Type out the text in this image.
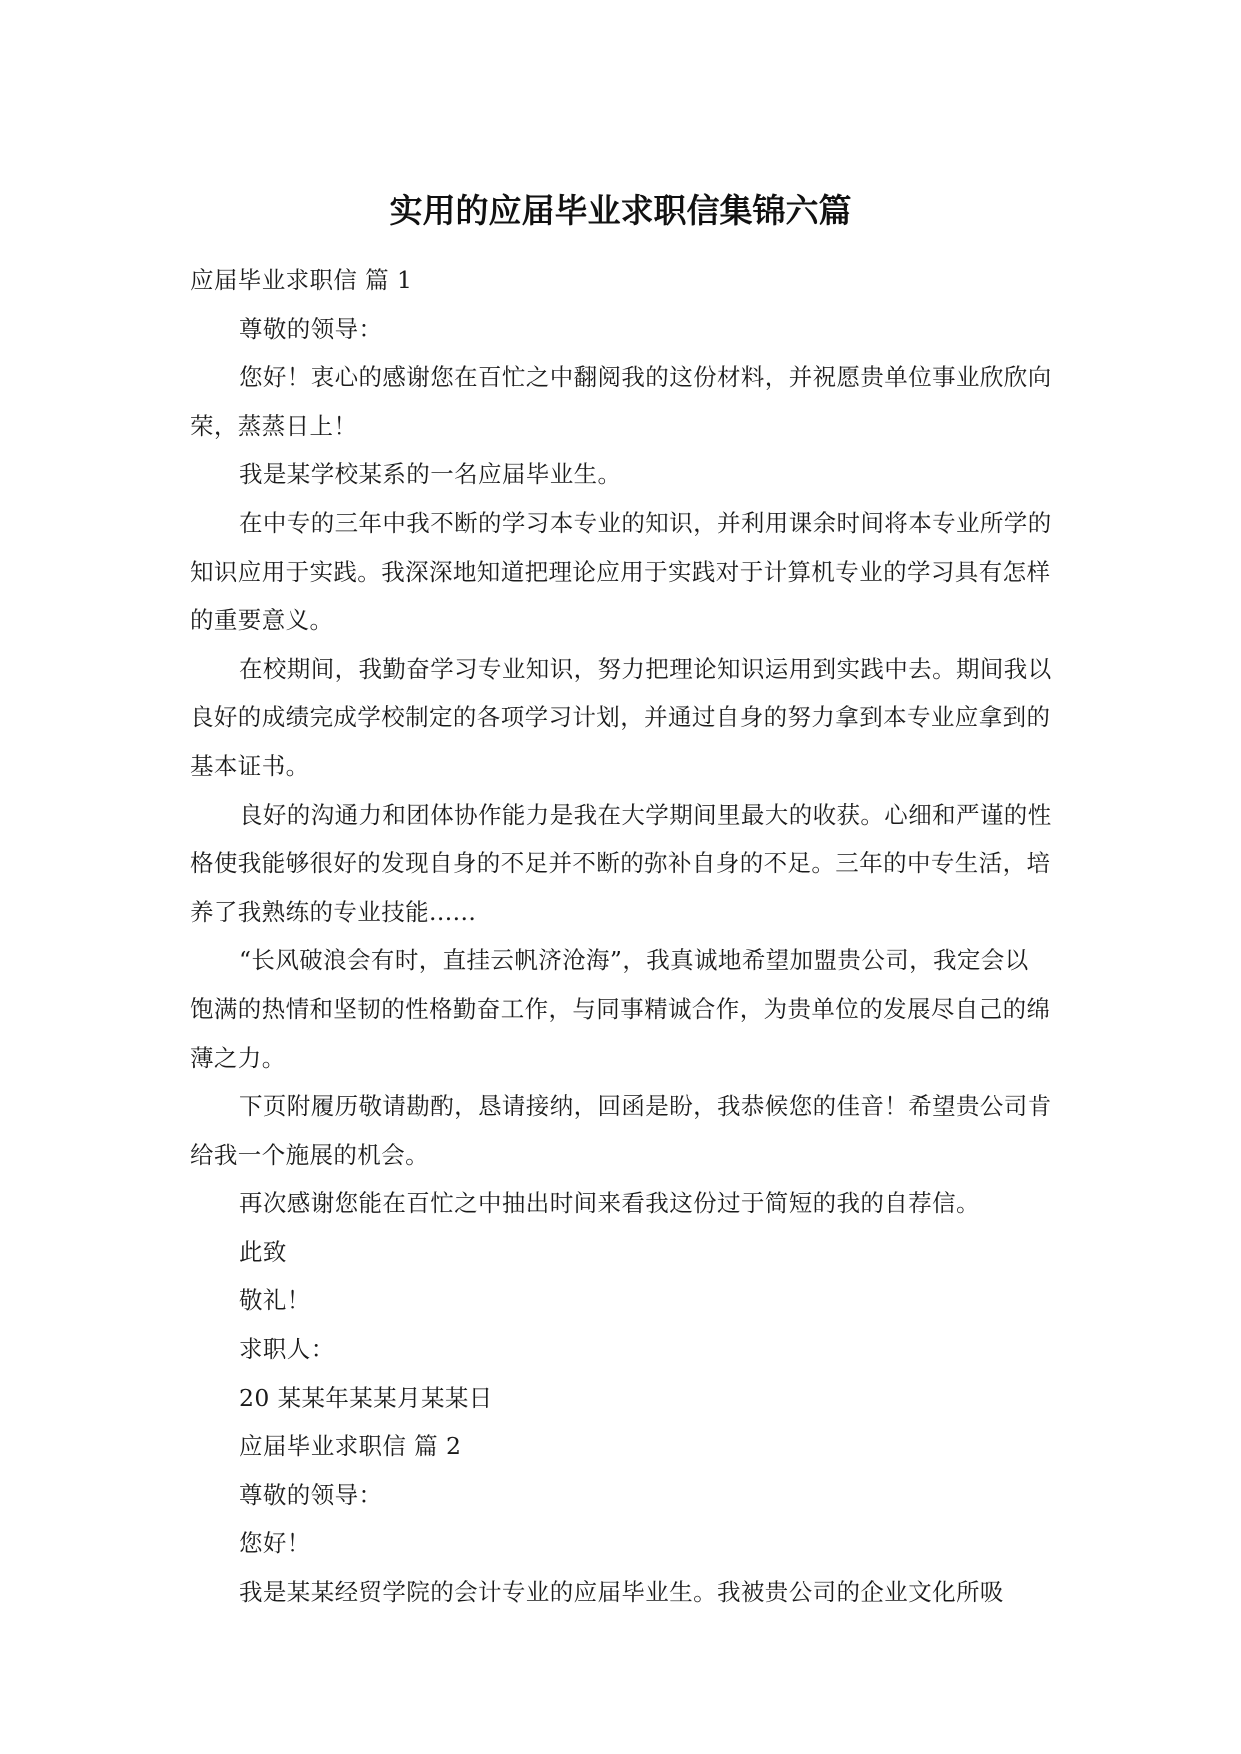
实用的应届毕业求职信集锦六篇

应届毕业求职信 篇 1

尊敬的领导：

您好！衷心的感谢您在百忙之中翻阅我的这份材料，并祝愿贵单位事业欣欣向荣，蒸蒸日上！

我是某学校某系的一名应届毕业生。

在中专的三年中我不断的学习本专业的知识，并利用课余时间将本专业所学的知识应用于实践。我深深地知道把理论应用于实践对于计算机专业的学习具有怎样的重要意义。

在校期间，我勤奋学习专业知识，努力把理论知识运用到实践中去。期间我以良好的成绩完成学校制定的各项学习计划，并通过自身的努力拿到本专业应拿到的基本证书。

良好的沟通力和团体协作能力是我在大学期间里最大的收获。心细和严谨的性格使我能够很好的发现自身的不足并不断的弥补自身的不足。三年的中专生活，培养了我熟练的专业技能......

“长风破浪会有时，直挂云帆济沧海”，我真诚地希望加盟贵公司，我定会以饱满的热情和坚韧的性格勤奋工作，与同事精诚合作，为贵单位的发展尽自己的绵薄之力。

下页附履历敬请勘酌，恳请接纳，回函是盼，我恭候您的佳音！希望贵公司肯给我一个施展的机会。

再次感谢您能在百忙之中抽出时间来看我这份过于简短的我的自荐信。

此致

敬礼！

求职人：

20 某某年某某月某某日

应届毕业求职信 篇 2

尊敬的领导：

您好！

我是某某经贸学院的会计专业的应届毕业生。我被贵公司的企业文化所吸
